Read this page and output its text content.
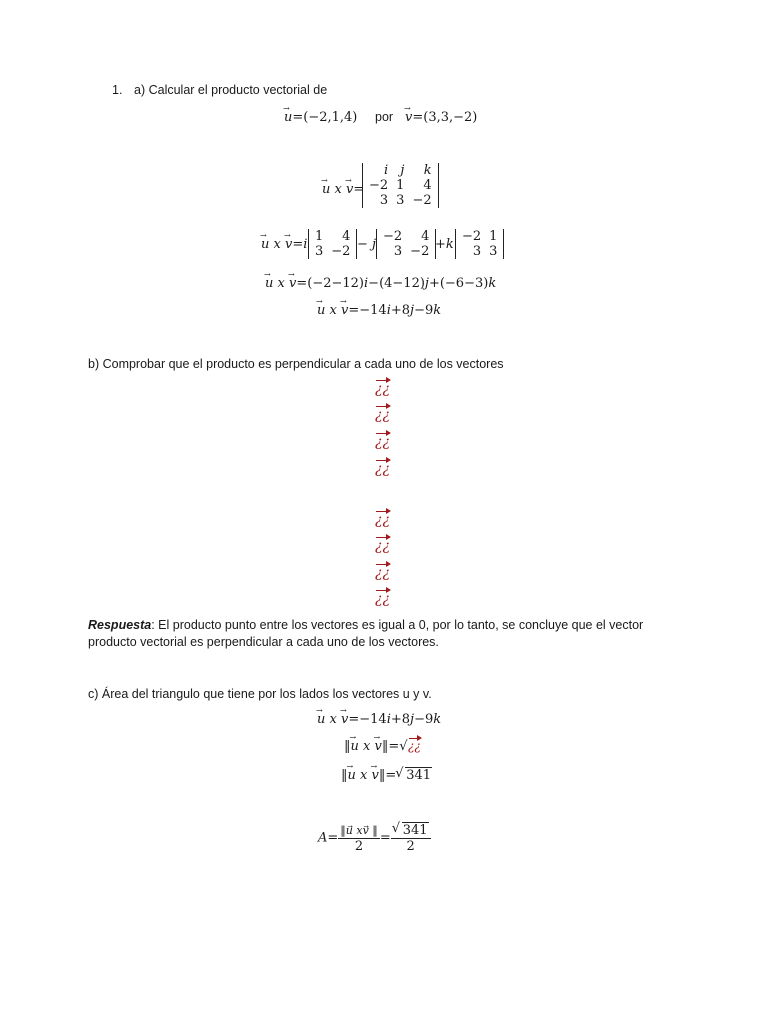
1. a) Calcular el producto vectorial de
→ u=(−2,1,4) por → v=(3,3,−2)
→ u x → v=
i	j	k
−2	1	4
3	3	−2
→ u x → v=i
1	4
3	−2 − j
−2	4
3	−2 +k
−2	1
3	3
→ u x → v=(−2−12)i−(4−12)j+(−6−3)k
→ u x → v=−14i+8j−9k
b) Comprobar que el producto es perpendicular a cada uno de los vectores
¿¿
¿¿
¿¿
¿¿
¿¿
¿¿
¿¿
¿¿
Respuesta: El producto punto entre los vectores es igual a 0, por lo tanto, se concluye que el vector
producto vectorial es perpendicular a cada uno de los vectores.
c) Área del triangulo que tiene por los lados los vectores u y v.
→ u x → v=−14i+8j−9k
‖→ u x → v‖=√ ¿¿
‖→ u x → v‖= √ 341
$A= \frac{‖u⃗ xv⃗ ‖}{2}$ = √ $\frac{341}{2}$
